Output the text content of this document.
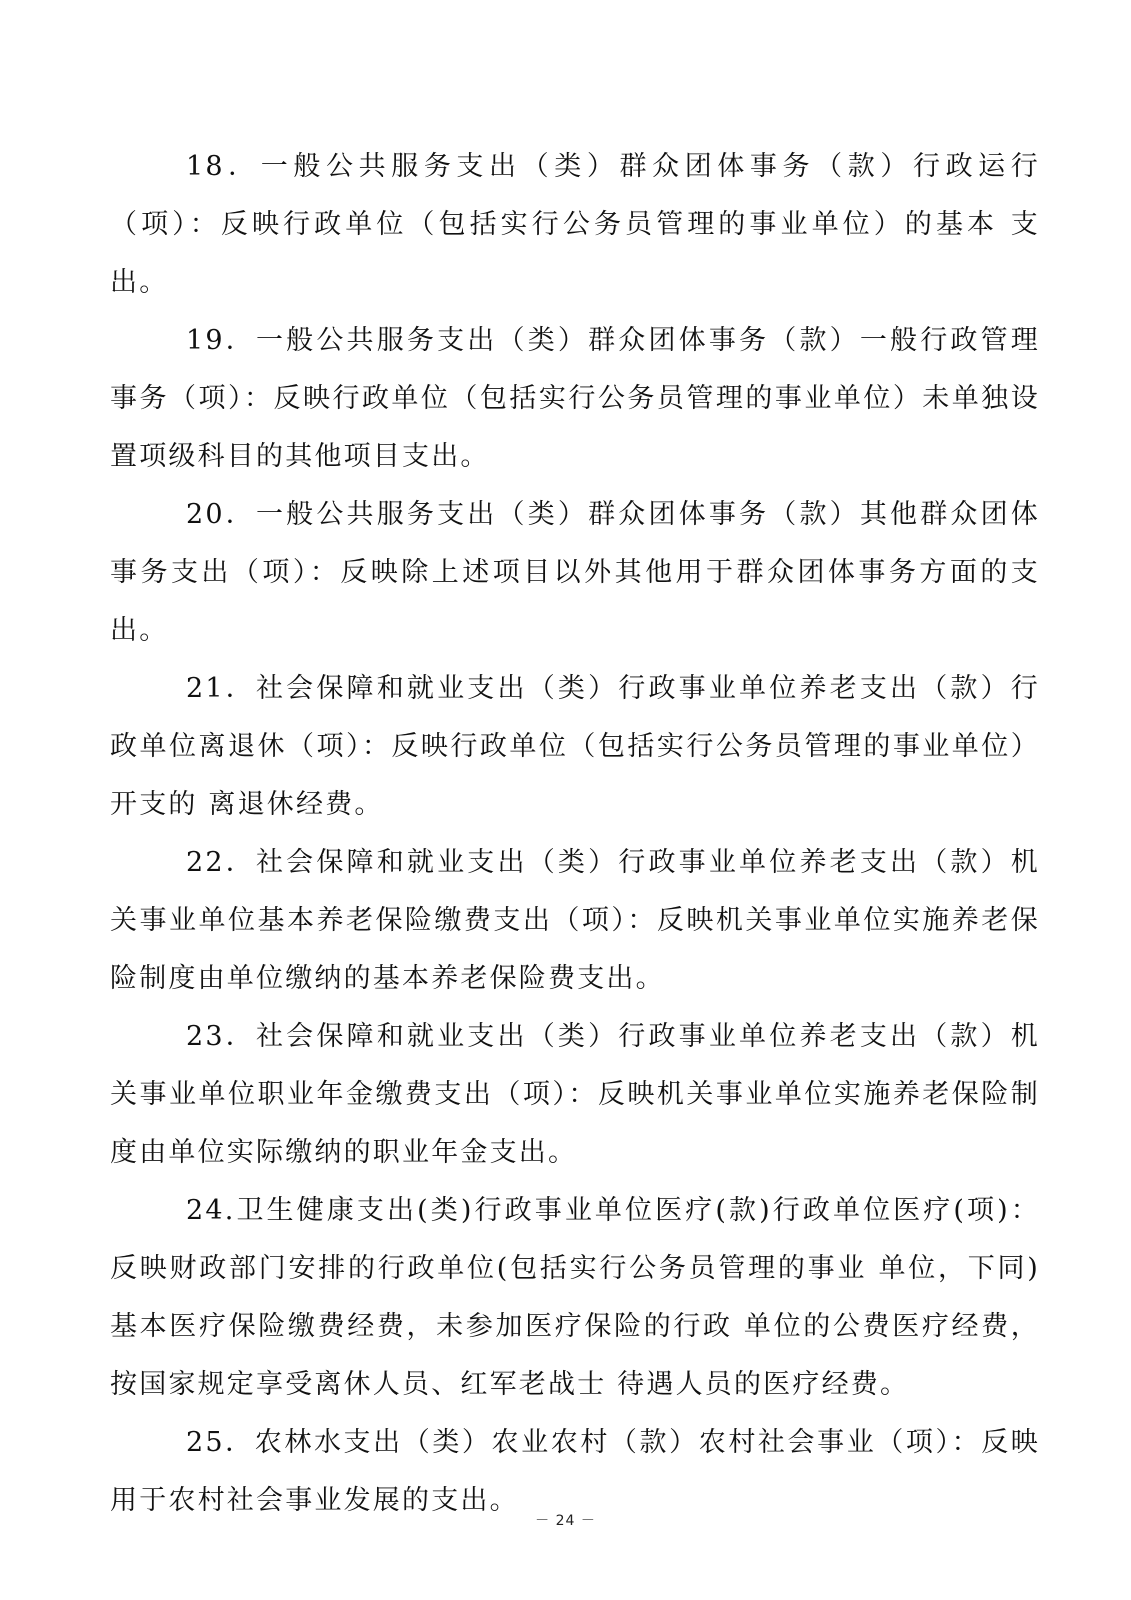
18．一般公共服务支出（类）群众团体事务（款）行政运行（项）：反映行政单位（包括实行公务员管理的事业单位）的基本 支出。

19．一般公共服务支出（类）群众团体事务（款）一般行政管理事务（项）：反映行政单位（包括实行公务员管理的事业单位）未单独设置项级科目的其他项目支出。

20．一般公共服务支出（类）群众团体事务（款）其他群众团体事务支出（项）：反映除上述项目以外其他用于群众团体事务方面的支出。

21．社会保障和就业支出（类）行政事业单位养老支出（款）行政单位离退休（项）：反映行政单位（包括实行公务员管理的事业单位）开支的 离退休经费。

22．社会保障和就业支出（类）行政事业单位养老支出（款）机关事业单位基本养老保险缴费支出（项）：反映机关事业单位实施养老保险制度由单位缴纳的基本养老保险费支出。

23．社会保障和就业支出（类）行政事业单位养老支出（款）机关事业单位职业年金缴费支出（项）：反映机关事业单位实施养老保险制度由单位实际缴纳的职业年金支出。

24.卫生健康支出(类)行政事业单位医疗(款)行政单位医疗(项)：反映财政部门安排的行政单位(包括实行公务员管理的事业 单位，下同)基本医疗保险缴费经费，未参加医疗保险的行政 单位的公费医疗经费，按国家规定享受离休人员、红军老战士 待遇人员的医疗经费。

25．农林水支出（类）农业农村（款）农村社会事业（项）：反映用于农村社会事业发展的支出。

－ 24 －
